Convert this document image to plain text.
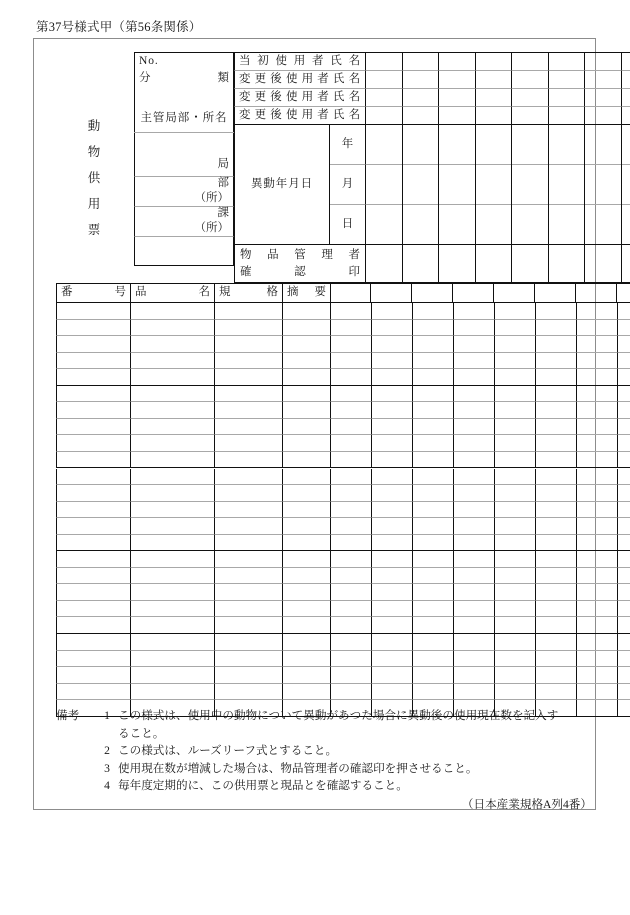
第37号様式甲（第56条関係）
動
物
供
用
票
No.
分　　類
主管局部・所名
局
部
（所）
課
（所）
当初使用者氏名
変更後使用者氏名
変更後使用者氏名
変更後使用者氏名
異動年月日
年
月
日
物　品　管　理　者
確　　　認　　　印
番　号 品　　　名 規　　格 摘　要
備考	1 この様式は、使用中の動物について異動があつた場合に異動後の使用現在数を記入す
ること。
2 この様式は、ルーズリーフ式とすること。
3 使用現在数が増減した場合は、物品管理者の確認印を押させること。
4 毎年度定期的に、この供用票と現品とを確認すること。
（日本産業規格A列4番）
